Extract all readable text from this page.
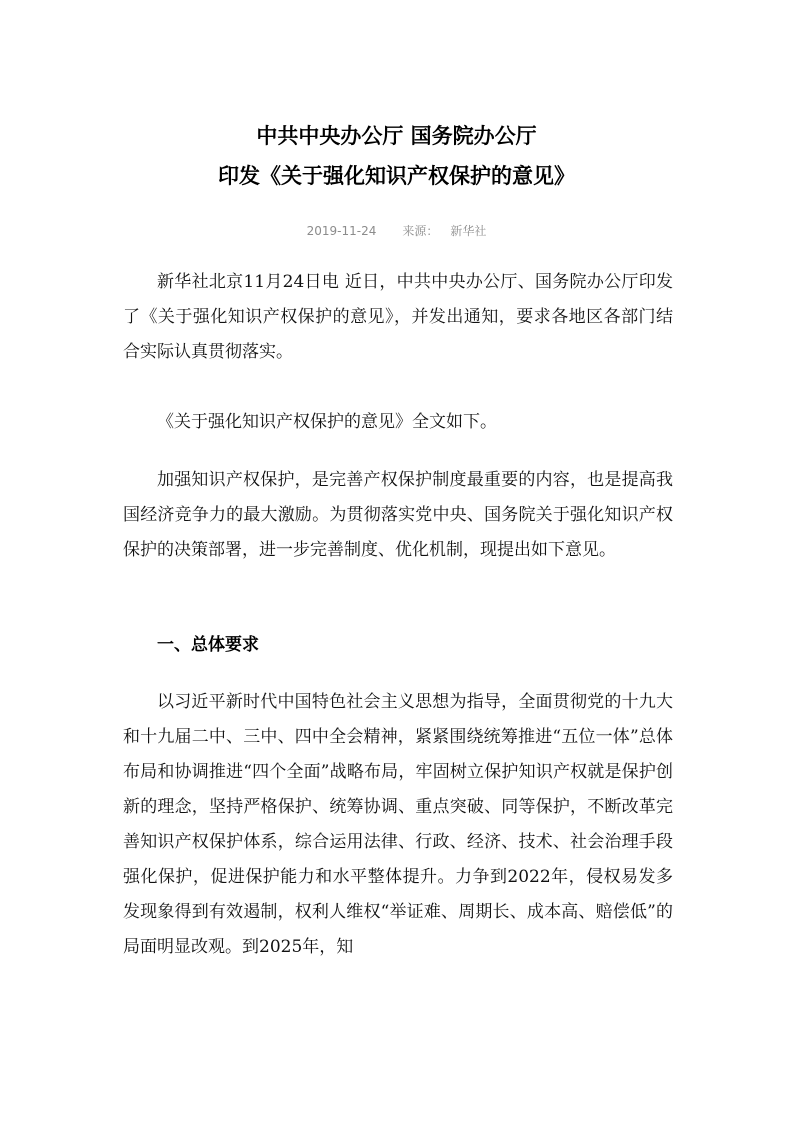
中共中央办公厅 国务院办公厅
印发《关于强化知识产权保护的意见》
2019-11-24 来源： 新华社

新华社北京11月24日电 近日，中共中央办公厅、国务院办公厅印发了《关于强化知识产权保护的意见》，并发出通知，要求各地区各部门结合实际认真贯彻落实。

《关于强化知识产权保护的意见》全文如下。

加强知识产权保护，是完善产权保护制度最重要的内容，也是提高我国经济竞争力的最大激励。为贯彻落实党中央、国务院关于强化知识产权保护的决策部署，进一步完善制度、优化机制，现提出如下意见。

一、总体要求

以习近平新时代中国特色社会主义思想为指导，全面贯彻党的十九大和十九届二中、三中、四中全会精神，紧紧围绕统筹推进“五位一体”总体布局和协调推进“四个全面”战略布局，牢固树立保护知识产权就是保护创新的理念，坚持严格保护、统筹协调、重点突破、同等保护，不断改革完善知识产权保护体系，综合运用法律、行政、经济、技术、社会治理手段强化保护，促进保护能力和水平整体提升。力争到2022年，侵权易发多发现象得到有效遏制，权利人维权“举证难、周期长、成本高、赔偿低”的局面明显改观。到2025年，知
